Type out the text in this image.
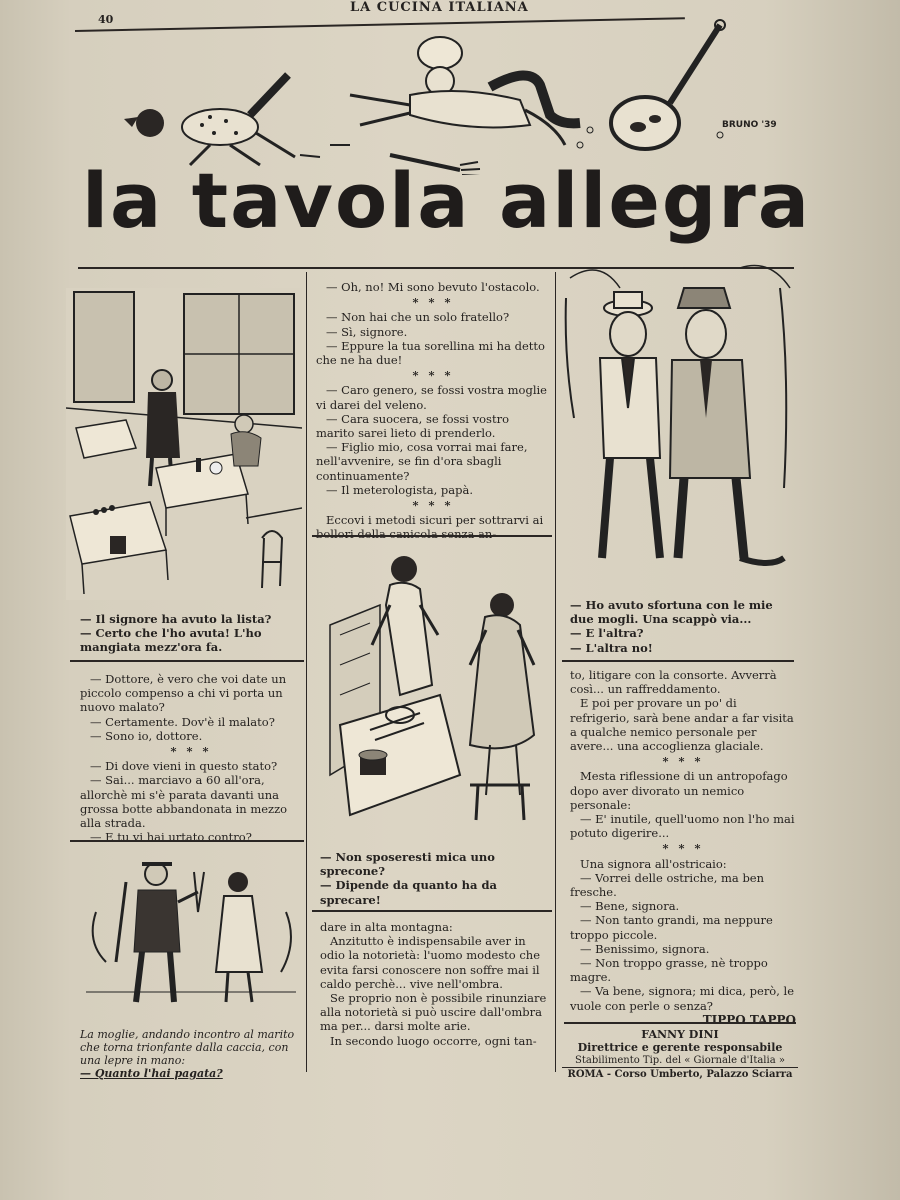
40
LA CUCINA ITALIANA
BRUNO '39
la tavola allegra

— Il signore ha avuto la lista?

— Certo che l'ho avuta! L'ho mangiata mezz'ora fa.

— Dottore, è vero che voi date un piccolo compenso a chi vi porta un nuovo malato?

— Certamente. Dov'è il malato?

— Sono io, dottore.

* * *

— Di dove vieni in questo stato?

— Sai... marciavo a 60 all'ora, allorchè mi s'è parata davanti una grossa botte abbandonata in mezzo alla strada.

— E tu vi hai urtato contro?

La moglie, andando incontro al marito che torna trionfante dalla caccia, con una lepre in mano:

— Quanto l'hai pagata?

— Oh, no! Mi sono bevuto l'ostacolo.

* * *

— Non hai che un solo fratello?

— Sì, signore.

— Eppure la tua sorellina mi ha detto che ne ha due!

* * *

— Caro genero, se fossi vostra moglie vi darei del veleno.

— Cara suocera, se fossi vostro marito sarei lieto di prenderlo.

— Figlio mio, cosa vorrai mai fare, nell'avvenire, se fin d'ora sbagli continuamente?

— Il meterologista, papà.

* * *

Eccovi i metodi sicuri per sottrarvi ai bollori della canicola senza an-

— Non sposeresti mica uno sprecone?

— Dipende da quanto ha da sprecare!

dare in alta montagna:

Anzitutto è indispensabile aver in odio la notorietà: l'uomo modesto che evita farsi conoscere non soffre mai il caldo perchè... vive nell'ombra.

Se proprio non è possibile rinunziare alla notorietà si può uscire dall'ombra ma per... darsi molte arie.

In secondo luogo occorre, ogni tan-

— Ho avuto sfortuna con le mie due mogli. Una scappò via...

— E l'altra?

— L'altra no!

to, litigare con la consorte. Avverrà così... un raffreddamento.

E poi per provare un po' di refrigerio, sarà bene andar a far visita a qualche nemico personale per avere... una accoglienza glaciale.

* * *

Mesta riflessione di un antropofago dopo aver divorato un nemico personale:

— E' inutile, quell'uomo non l'ho mai potuto digerire...

* * *

Una signora all'ostricaio:

— Vorrei delle ostriche, ma ben fresche.

— Bene, signora.

— Non tanto grandi, ma neppure troppo piccole.

— Benissimo, signora.

— Non troppo grasse, nè troppo magre.

— Va bene, signora; mi dica, però, le vuole con perle o senza?

TIPPO TAPPO

FANNY DINI

Direttrice e gerente responsabile

Stabilimento Tip. del « Giornale d'Italia »

ROMA - Corso Umberto, Palazzo Sciarra
